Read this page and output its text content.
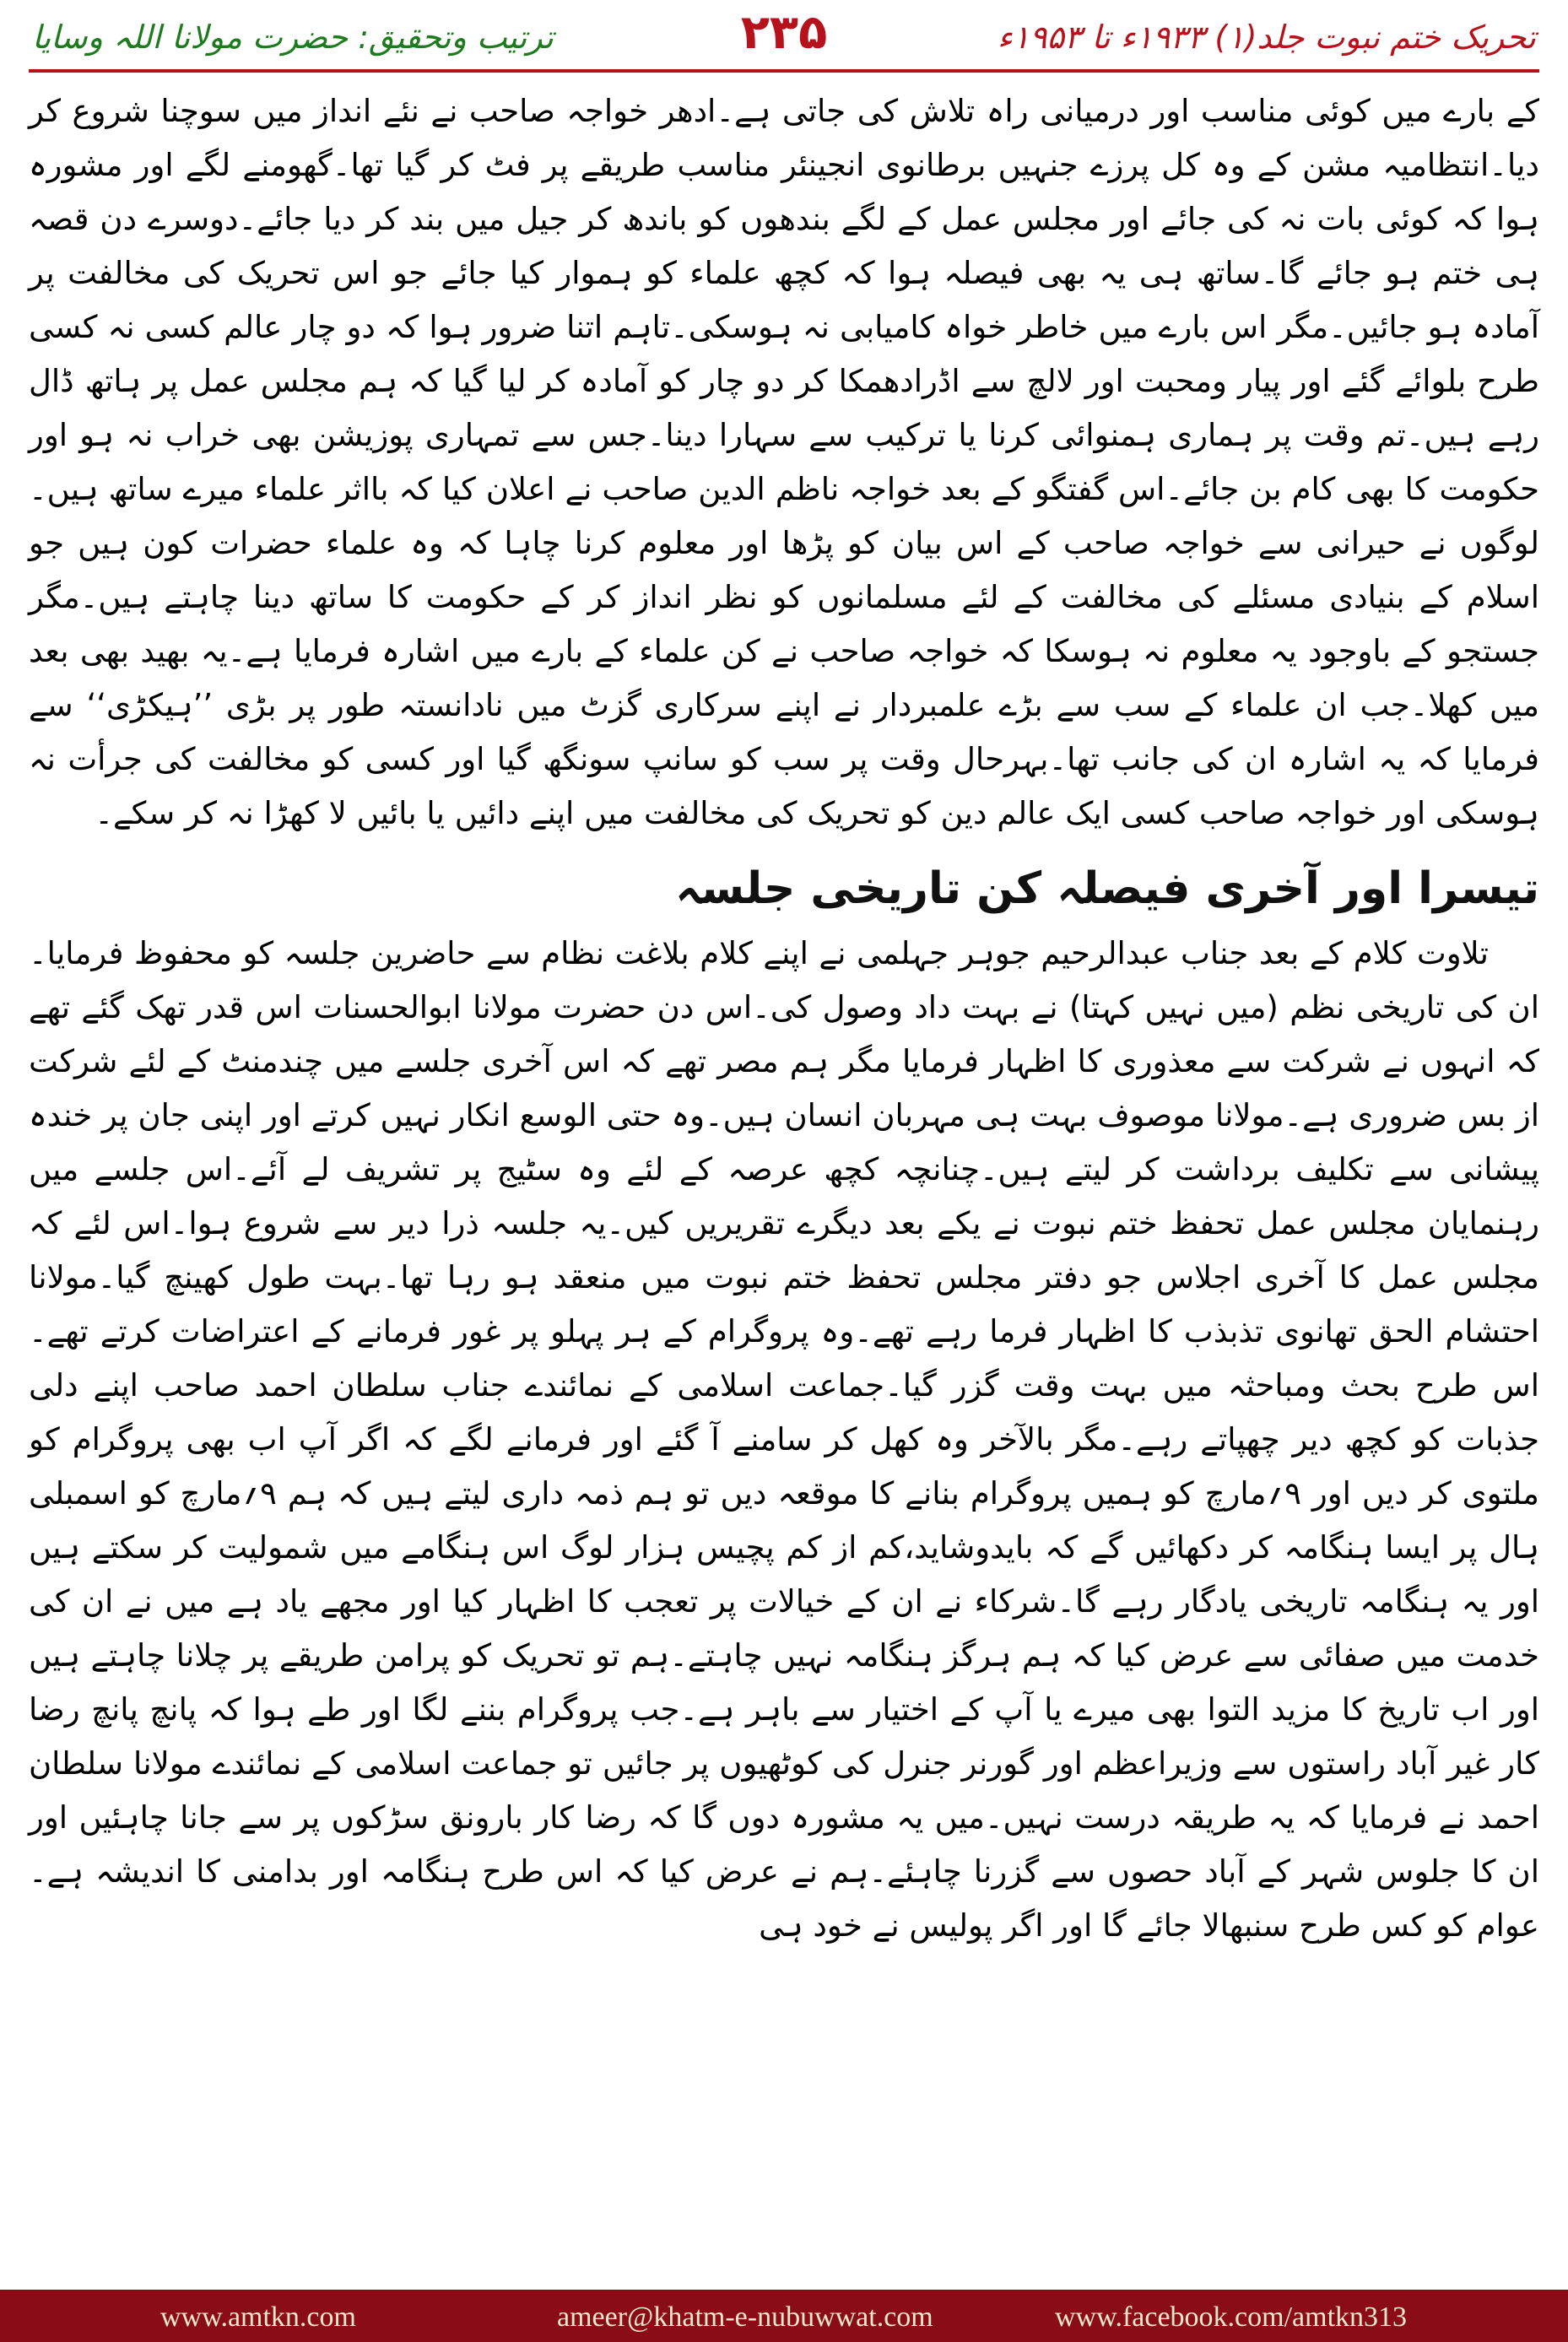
ترتیب وتحقیق: حضرت مولانا اللہ وسایا	۲۳۵	تحریک ختم نبوت جلد(۱) ۱۹۳۳ء تا ۱۹۵۳ء

کے بارے میں کوئی مناسب اور درمیانی راہ تلاش کی جاتی ہے۔ادھر خواجہ صاحب نے نئے انداز میں سوچنا شروع کر دیا۔انتظامیہ مشن کے وہ کل پرزے جنہیں برطانوی انجینئر مناسب طریقے پر فٹ کر گیا تھا۔گھومنے لگے اور مشورہ ہوا کہ کوئی بات نہ کی جائے اور مجلس عمل کے لگے بندھوں کو باندھ کر جیل میں بند کر دیا جائے۔دوسرے دن قصہ ہی ختم ہو جائے گا۔ساتھ ہی یہ بھی فیصلہ ہوا کہ کچھ علماء کو ہموار کیا جائے جو اس تحریک کی مخالفت پر آمادہ ہو جائیں۔مگر اس بارے میں خاطر خواہ کامیابی نہ ہوسکی۔تاہم اتنا ضرور ہوا کہ دو چار عالم کسی نہ کسی طرح بلوائے گئے اور پیار ومحبت اور لالچ سے اڈرادھمکا کر دو چار کو آمادہ کر لیا گیا کہ ہم مجلس عمل پر ہاتھ ڈال رہے ہیں۔تم وقت پر ہماری ہمنوائی کرنا یا ترکیب سے سہارا دینا۔جس سے تمہاری پوزیشن بھی خراب نہ ہو اور حکومت کا بھی کام بن جائے۔اس گفتگو کے بعد خواجہ ناظم الدین صاحب نے اعلان کیا کہ بااثر علماء میرے ساتھ ہیں۔لوگوں نے حیرانی سے خواجہ صاحب کے اس بیان کو پڑھا اور معلوم کرنا چاہا کہ وہ علماء حضرات کون ہیں جو اسلام کے بنیادی مسئلے کی مخالفت کے لئے مسلمانوں کو نظر انداز کر کے حکومت کا ساتھ دینا چاہتے ہیں۔مگر جستجو کے باوجود یہ معلوم نہ ہوسکا کہ خواجہ صاحب نے کن علماء کے بارے میں اشارہ فرمایا ہے۔یہ بھید بھی بعد میں کھلا۔جب ان علماء کے سب سے بڑے علمبردار نے اپنے سرکاری گزٹ میں نادانستہ طور پر بڑی ’’ہیکڑی‘‘ سے فرمایا کہ یہ اشارہ ان کی جانب تھا۔بہرحال وقت پر سب کو سانپ سونگھ گیا اور کسی کو مخالفت کی جرأت نہ ہوسکی اور خواجہ صاحب کسی ایک عالم دین کو تحریک کی مخالفت میں اپنے دائیں یا بائیں لا کھڑا نہ کر سکے۔

تیسرا اور آخری فیصلہ کن تاریخی جلسہ

تلاوت کلام کے بعد جناب عبدالرحیم جوہر جہلمی نے اپنے کلام بلاغت نظام سے حاضرین جلسہ کو محفوظ فرمایا۔ان کی تاریخی نظم (میں نہیں کہتا) نے بہت داد وصول کی۔اس دن حضرت مولانا ابوالحسنات اس قدر تھک گئے تھے کہ انہوں نے شرکت سے معذوری کا اظہار فرمایا مگر ہم مصر تھے کہ اس آخری جلسے میں چندمنٹ کے لئے شرکت از بس ضروری ہے۔مولانا موصوف بہت ہی مہربان انسان ہیں۔وہ حتی الوسع انکار نہیں کرتے اور اپنی جان پر خندہ پیشانی سے تکلیف برداشت کر لیتے ہیں۔چنانچہ کچھ عرصہ کے لئے وہ سٹیج پر تشریف لے آئے۔اس جلسے میں رہنمایان مجلس عمل تحفظ ختم نبوت نے یکے بعد دیگرے تقریریں کیں۔یہ جلسہ ذرا دیر سے شروع ہوا۔اس لئے کہ مجلس عمل کا آخری اجلاس جو دفتر مجلس تحفظ ختم نبوت میں منعقد ہو رہا تھا۔بہت طول کھینچ گیا۔مولانا احتشام الحق تھانوی تذبذب کا اظہار فرما رہے تھے۔وہ پروگرام کے ہر پہلو پر غور فرمانے کے اعتراضات کرتے تھے۔اس طرح بحث ومباحثہ میں بہت وقت گزر گیا۔جماعت اسلامی کے نمائندے جناب سلطان احمد صاحب اپنے دلی جذبات کو کچھ دیر چھپاتے رہے۔مگر بالآخر وہ کھل کر سامنے آ گئے اور فرمانے لگے کہ اگر آپ اب بھی پروگرام کو ملتوی کر دیں اور ۹؍مارچ کو ہمیں پروگرام بنانے کا موقعہ دیں تو ہم ذمہ داری لیتے ہیں کہ ہم ۹؍مارچ کو اسمبلی ہال پر ایسا ہنگامہ کر دکھائیں گے کہ بایدوشاید،کم از کم پچیس ہزار لوگ اس ہنگامے میں شمولیت کر سکتے ہیں اور یہ ہنگامہ تاریخی یادگار رہے گا۔شرکاء نے ان کے خیالات پر تعجب کا اظہار کیا اور مجھے یاد ہے میں نے ان کی خدمت میں صفائی سے عرض کیا کہ ہم ہرگز ہنگامہ نہیں چاہتے۔ہم تو تحریک کو پرامن طریقے پر چلانا چاہتے ہیں اور اب تاریخ کا مزید التوا بھی میرے یا آپ کے اختیار سے باہر ہے۔جب پروگرام بننے لگا اور طے ہوا کہ پانچ پانچ رضا کار غیر آباد راستوں سے وزیراعظم اور گورنر جنرل کی کوٹھیوں پر جائیں تو جماعت اسلامی کے نمائندے مولانا سلطان احمد نے فرمایا کہ یہ طریقہ درست نہیں۔میں یہ مشورہ دوں گا کہ رضا کار بارونق سڑکوں پر سے جانا چاہئیں اور ان کا جلوس شہر کے آباد حصوں سے گزرنا چاہئے۔ہم نے عرض کیا کہ اس طرح ہنگامہ اور بدامنی کا اندیشہ ہے۔عوام کو کس طرح سنبھالا جائے گا اور اگر پولیس نے خود ہی

www.amtkn.com	ameer@khatm-e-nubuwwat.com	www.facebook.com/amtkn313
